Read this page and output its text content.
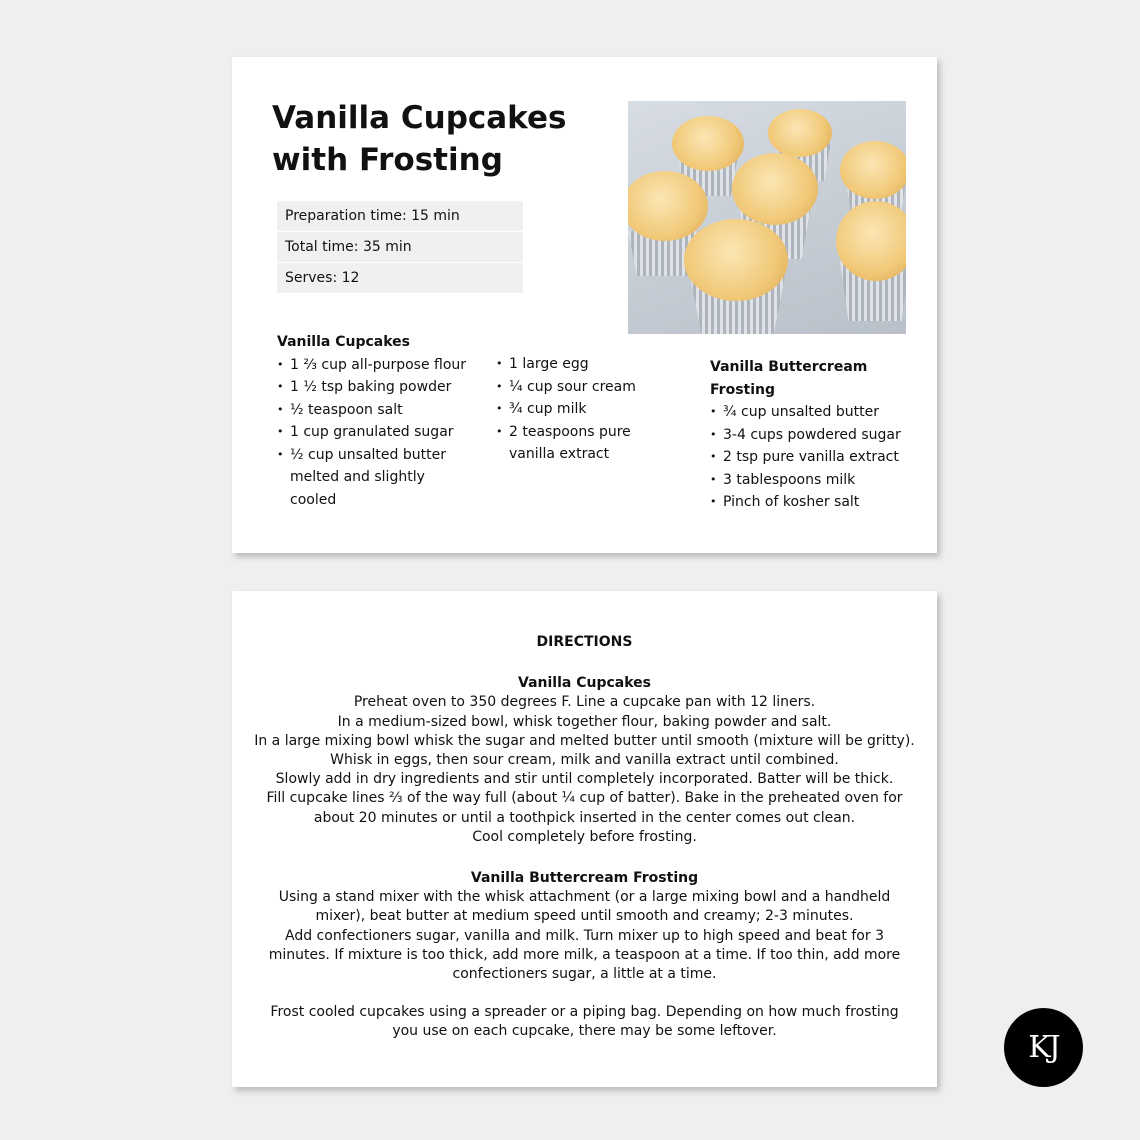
Vanilla Cupcakes
with Frosting
Preparation time: 15 min
Total time: 35 min
Serves: 12
Vanilla Cupcakes
• 1 ⅔ cup all-purpose flour
• 1 ½ tsp baking powder
• ½ teaspoon salt
• 1 cup granulated sugar
• ½ cup unsalted butter melted and slightly cooled
• 1 large egg
• ¼ cup sour cream
• ¾ cup milk
• 2 teaspoons pure vanilla extract
Vanilla Buttercream Frosting
• ¾ cup unsalted butter
• 3-4 cups powdered sugar
• 2 tsp pure vanilla extract
• 3 tablespoons milk
• Pinch of kosher salt
DIRECTIONS
Vanilla Cupcakes
Preheat oven to 350 degrees F. Line a cupcake pan with 12 liners.
In a medium-sized bowl, whisk together flour, baking powder and salt.
In a large mixing bowl whisk the sugar and melted butter until smooth (mixture will be gritty).
Whisk in eggs, then sour cream, milk and vanilla extract until combined.
Slowly add in dry ingredients and stir until completely incorporated. Batter will be thick.
Fill cupcake lines ⅔ of the way full (about ¼ cup of batter). Bake in the preheated oven for
about 20 minutes or until a toothpick inserted in the center comes out clean.
Cool completely before frosting.
Vanilla Buttercream Frosting
Using a stand mixer with the whisk attachment (or a large mixing bowl and a handheld
mixer), beat butter at medium speed until smooth and creamy; 2-3 minutes.
Add confectioners sugar, vanilla and milk. Turn mixer up to high speed and beat for 3
minutes. If mixture is too thick, add more milk, a teaspoon at a time. If too thin, add more
confectioners sugar, a little at a time.
Frost cooled cupcakes using a spreader or a piping bag. Depending on how much frosting
you use on each cupcake, there may be some leftover.	KJ
